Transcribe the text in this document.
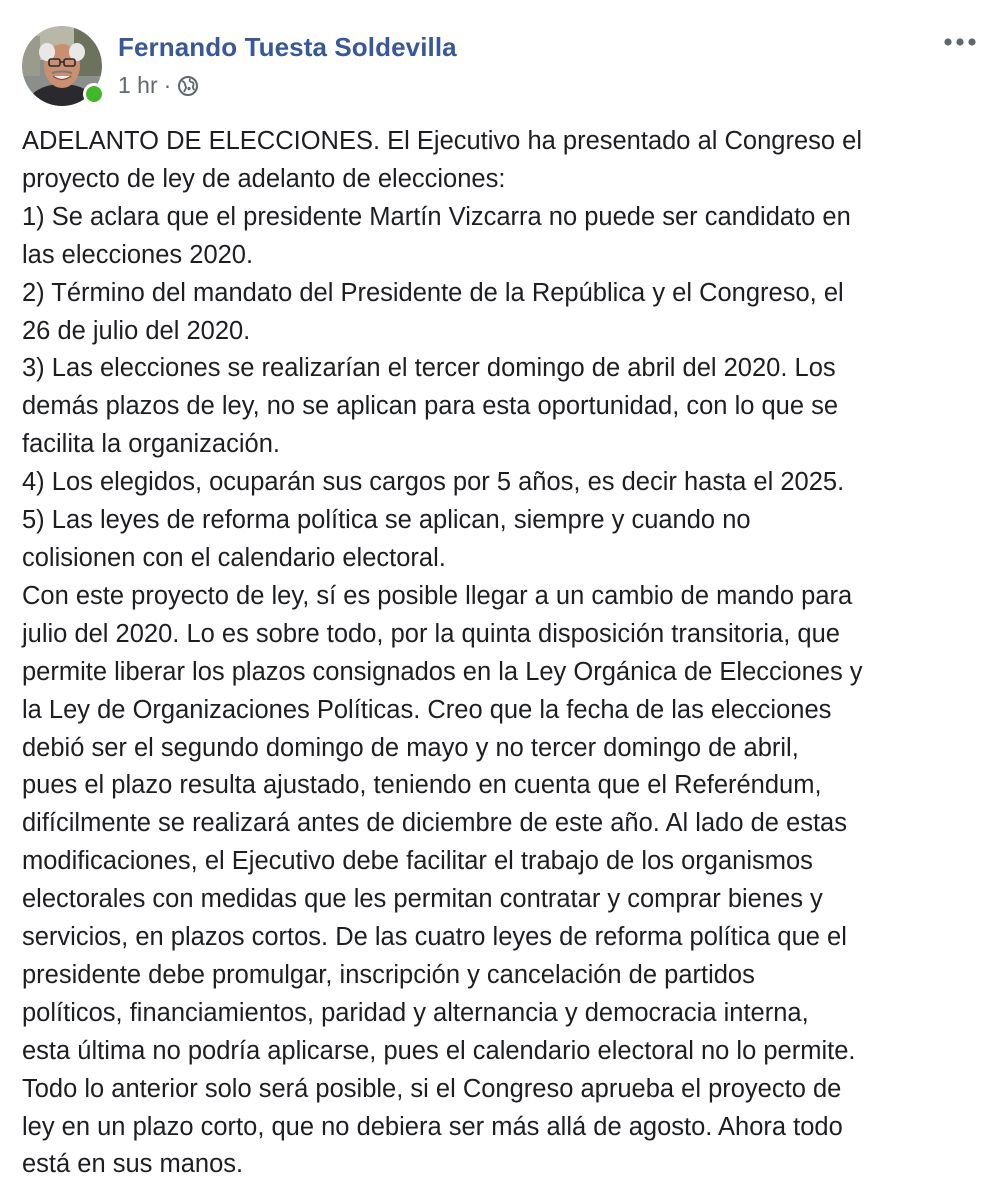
Fernando Tuesta Soldevilla
1 hr ·
ADELANTO DE ELECCIONES. El Ejecutivo ha presentado al Congreso el
proyecto de ley de adelanto de elecciones:
1) Se aclara que el presidente Martín Vizcarra no puede ser candidato en
las elecciones 2020.
2) Término del mandato del Presidente de la República y el Congreso, el
26 de julio del 2020.
3) Las elecciones se realizarían el tercer domingo de abril del 2020. Los
demás plazos de ley, no se aplican para esta oportunidad, con lo que se
facilita la organización.
4) Los elegidos, ocuparán sus cargos por 5 años, es decir hasta el 2025.
5) Las leyes de reforma política se aplican, siempre y cuando no
colisionen con el calendario electoral.
Con este proyecto de ley, sí es posible llegar a un cambio de mando para
julio del 2020. Lo es sobre todo, por la quinta disposición transitoria, que
permite liberar los plazos consignados en la Ley Orgánica de Elecciones y
la Ley de Organizaciones Políticas. Creo que la fecha de las elecciones
debió ser el segundo domingo de mayo y no tercer domingo de abril,
pues el plazo resulta ajustado, teniendo en cuenta que el Referéndum,
difícilmente se realizará antes de diciembre de este año. Al lado de estas
modificaciones, el Ejecutivo debe facilitar el trabajo de los organismos
electorales con medidas que les permitan contratar y comprar bienes y
servicios, en plazos cortos. De las cuatro leyes de reforma política que el
presidente debe promulgar, inscripción y cancelación de partidos
políticos, financiamientos, paridad y alternancia y democracia interna,
esta última no podría aplicarse, pues el calendario electoral no lo permite.
Todo lo anterior solo será posible, si el Congreso aprueba el proyecto de
ley en un plazo corto, que no debiera ser más allá de agosto. Ahora todo
está en sus manos.
